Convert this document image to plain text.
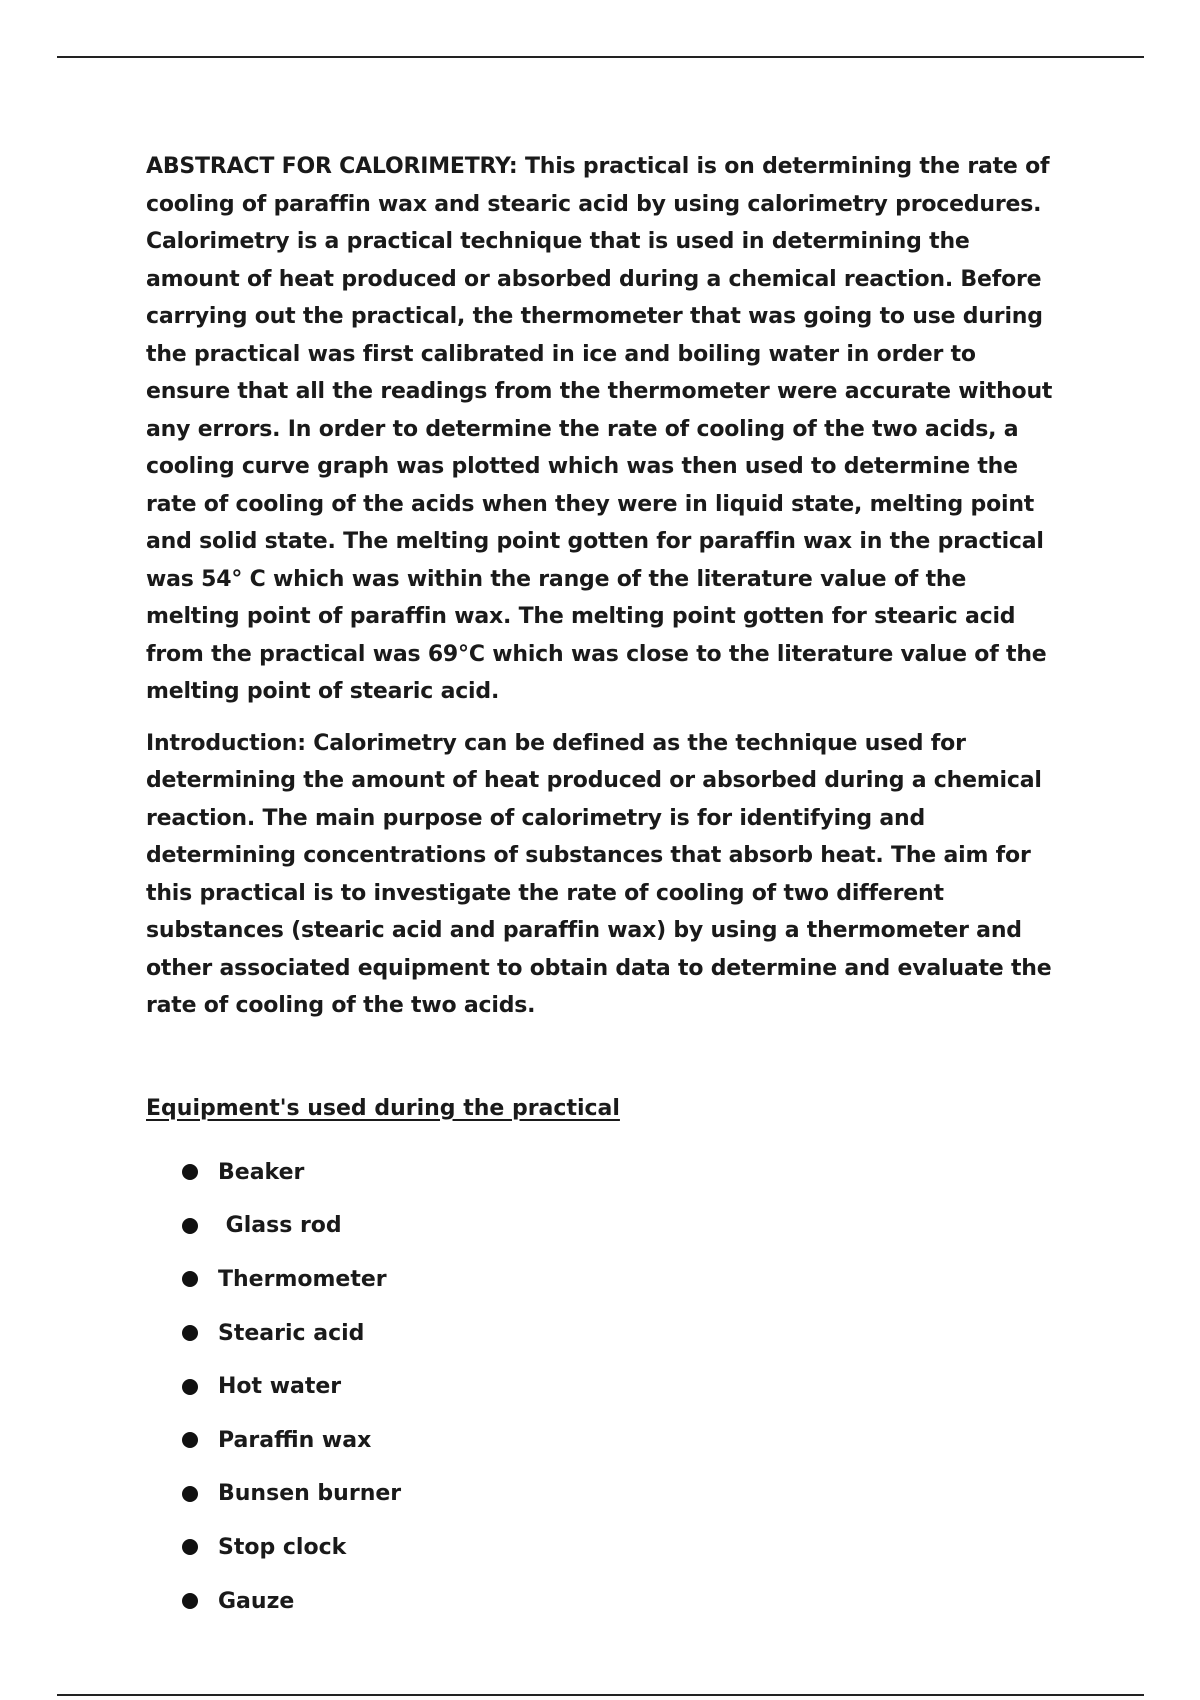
ABSTRACT FOR CALORIMETRY: This practical is on determining the rate of cooling of paraffin wax and stearic acid by using calorimetry procedures. Calorimetry is a practical technique that is used in determining the amount of heat produced or absorbed during a chemical reaction. Before carrying out the practical, the thermometer that was going to use during the practical was first calibrated in ice and boiling water in order to ensure that all the readings from the thermometer were accurate without any errors. In order to determine the rate of cooling of the two acids, a cooling curve graph was plotted which was then used to determine the rate of cooling of the acids when they were in liquid state, melting point and solid state. The melting point gotten for paraffin wax in the practical was 54° C which was within the range of the literature value of the melting point of paraffin wax. The melting point gotten for stearic acid from the practical was 69°C which was close to the literature value of the melting point of stearic acid.

Introduction: Calorimetry can be defined as the technique used for determining the amount of heat produced or absorbed during a chemical reaction. The main purpose of calorimetry is for identifying and determining concentrations of substances that absorb heat. The aim for this practical is to investigate the rate of cooling of two different substances (stearic acid and paraffin wax) by using a thermometer and other associated equipment to obtain data to determine and evaluate the rate of cooling of the two acids.

Equipment's used during the practical
Beaker
Glass rod
Thermometer
Stearic acid
Hot water
Paraffin wax
Bunsen burner
Stop clock
Gauze
